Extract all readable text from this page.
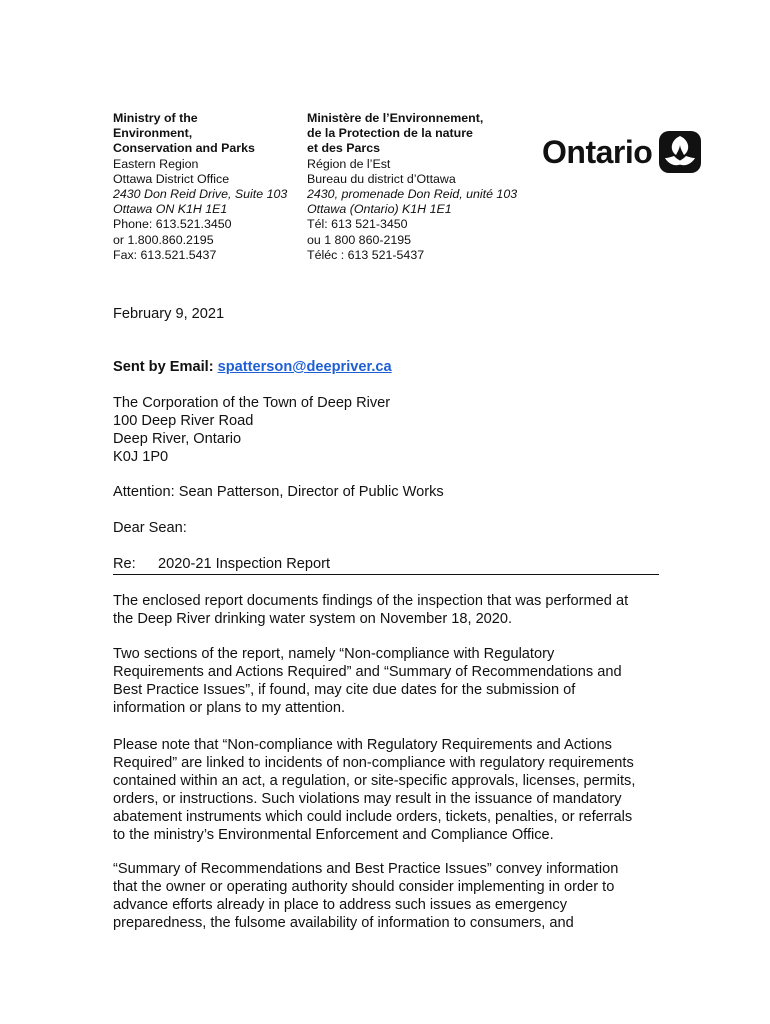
Ministry of the
Environment,
Conservation and Parks
Eastern Region
Ottawa District Office
2430 Don Reid Drive, Suite 103
Ottawa ON K1H 1E1
Phone: 613.521.3450
or 1.800.860.2195
Fax: 613.521.5437
Ministère de l’Environnement,
de la Protection de la nature
et des Parcs
Région de l’Est
Bureau du district d’Ottawa
2430, promenade Don Reid, unité 103
Ottawa (Ontario) K1H 1E1
Tél: 613 521-3450
ou 1 800 860-2195
Téléc : 613 521-5437
Ontario
February 9, 2021
Sent by Email: spatterson@deepriver.ca
The Corporation of the Town of Deep River
100 Deep River Road
Deep River, Ontario
K0J 1P0
Attention: Sean Patterson, Director of Public Works
Dear Sean:
Re: 2020-21 Inspection Report
The enclosed report documents findings of the inspection that was performed at
the Deep River drinking water system on November 18, 2020.
Two sections of the report, namely “Non-compliance with Regulatory
Requirements and Actions Required” and “Summary of Recommendations and
Best Practice Issues”, if found, may cite due dates for the submission of
information or plans to my attention.
Please note that “Non-compliance with Regulatory Requirements and Actions
Required” are linked to incidents of non-compliance with regulatory requirements
contained within an act, a regulation, or site-specific approvals, licenses, permits,
orders, or instructions. Such violations may result in the issuance of mandatory
abatement instruments which could include orders, tickets, penalties, or referrals
to the ministry’s Environmental Enforcement and Compliance Office.
“Summary of Recommendations and Best Practice Issues” convey information
that the owner or operating authority should consider implementing in order to
advance efforts already in place to address such issues as emergency
preparedness, the fulsome availability of information to consumers, and
